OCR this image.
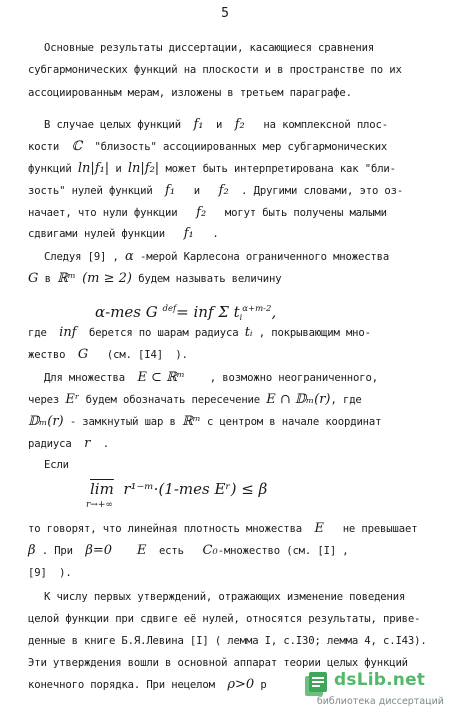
5
Основные результаты диссертации, касающиеся сравнения
субгармонических функций на плоскости и в пространстве по их
ассоциированным мерам, изложены в третьем параграфе.
В случае целых функций f₁ и f₂ на комплексной плос-
кости ℂ "близость" ассоциированных мер субгармонических
функций ln|f₁| и ln|f₂| может быть интерпретирована как "бли-
зость" нулей функций f₁ и f₂ . Другими словами, это оз-
начает, что нули функции f₂ могут быть получены малыми
сдвигами нулей функции f₁ .
Следуя [9] , α -мерой Карлесона ограниченного множества
G в ℝᵐ (m ≥ 2) будем называть величину
α-mes G $^{def}$= inf Σ $t_i^{\alpha+m-2}$,
где inf берется по шарам радиуса tᵢ , покрывающим мно-
жество G (см. [I4]  ).
Для множества E ⊂ ℝᵐ , возможно неограниченного,
через Eʳ будем обозначать пересечение E ∩ 𝔻ₘ(r), где
𝔻ₘ(r) - замкнутый шар в ℝᵐ с центром в начале координат
радиуса r .
Если
$\overline{lim}$ r¹⁻ᵐ·(1-mes Eʳ) ≤ β
r→+∞
то говорят, что линейная плотность множества E не превышает
β . При β=0 E есть C₀-множество (см. [I] ,
[9]  ).
К числу первых утверждений, отражающих изменение поведения
целой функции при сдвиге её нулей, относятся результаты, приве-
денные в книге Б.Я.Левина [I] ( лемма I, с.I30; лемма 4, с.I43).
Эти утверждения вошли в основной аппарат теории целых функций
конечного порядка. При нецелом ρ>0 р	dsLib.net
библиотека диссертаций
